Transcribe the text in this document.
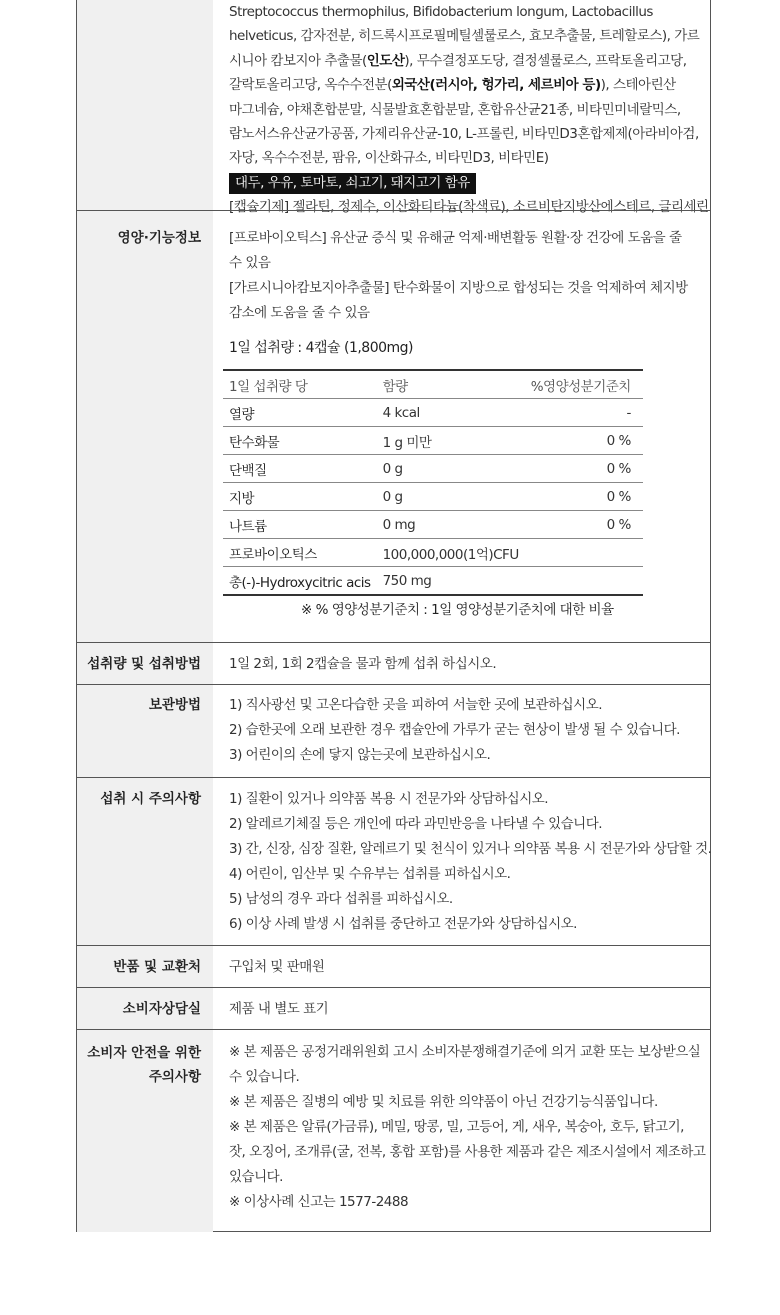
Streptococcus thermophilus, Bifidobacterium longum, Lactobacillus

helveticus, 감자전분, 히드록시프로필메틸셀룰로스, 효모추출물, 트레할로스), 가르

시니아 캄보지아 추출물(인도산), 무수결정포도당, 결정셀룰로스, 프락토올리고당,

갈락토올리고당, 옥수수전분(외국산(러시아, 헝가리, 세르비아 등)), 스테아린산

마그네슘, 야채혼합분말, 식물발효혼합분말, 혼합유산균21종, 비타민미네랄믹스,

람노서스유산균가공품, 가제리유산균-10, L-프롤린, 비타민D3혼합제제(아라비아검,

자당, 옥수수전분, 팜유, 이산화규소, 비타민D3, 비타민E)

대두, 우유, 토마토, 쇠고기, 돼지고기 함유

[캡슐기제] 젤라틴, 정제수, 이산화티타늄(착색료), 소르비탄지방산에스테르, 글리세린

영양·기능정보 [프로바이오틱스] 유산균 증식 및 유해균 억제·배변활동 원활·장 건강에 도움을 줄

수 있음

[가르시니아캄보지아추출물] 탄수화물이 지방으로 합성되는 것을 억제하여 체지방

감소에 도움을 줄 수 있음

1일 섭취량 : 4캡슐 (1,800mg)

1일 섭취량 당	함량	%영양성분기준치
열량	4 kcal	-
탄수화물	1 g 미만	0 %
단백질	0 g	0 %
지방	0 g	0 %
나트륨	0 mg	0 %
프로바이오틱스	100,000,000(1억)CFU	
총(-)-Hydroxycitric acis	750 mg	

※ % 영양성분기준치 : 1일 영양성분기준치에 대한 비율

섭취량 및 섭취방법 1일 2회, 1회 2캡슐을 물과 함께 섭취 하십시오.

보관방법 1) 직사광선 및 고온다습한 곳을 피하여 서늘한 곳에 보관하십시오.

2) 습한곳에 오래 보관한 경우 캡슐안에 가루가 굳는 현상이 발생 될 수 있습니다.

3) 어린이의 손에 닿지 않는곳에 보관하십시오.

섭취 시 주의사항 1) 질환이 있거나 의약품 복용 시 전문가와 상담하십시오.

2) 알레르기체질 등은 개인에 따라 과민반응을 나타낼 수 있습니다.

3) 간, 신장, 심장 질환, 알레르기 및 천식이 있거나 의약품 복용 시 전문가와 상담할 것.

4) 어린이, 임산부 및 수유부는 섭취를 피하십시오.

5) 남성의 경우 과다 섭취를 피하십시오.

6) 이상 사례 발생 시 섭취를 중단하고 전문가와 상담하십시오.

반품 및 교환처 구입처 및 판매원

소비자상담실 제품 내 별도 표기

소비자 안전을 위한
주의사항

※ 본 제품은 공정거래위원회 고시 소비자분쟁해결기준에 의거 교환 또는 보상받으실

수 있습니다.

※ 본 제품은 질병의 예방 및 치료를 위한 의약품이 아닌 건강기능식품입니다.

※ 본 제품은 알류(가금류), 메밀, 땅콩, 밀, 고등어, 게, 새우, 복숭아, 호두, 닭고기,

잣, 오징어, 조개류(굴, 전복, 홍합 포함)를 사용한 제품과 같은 제조시설에서 제조하고

있습니다.

※ 이상사례 신고는 1577-2488
